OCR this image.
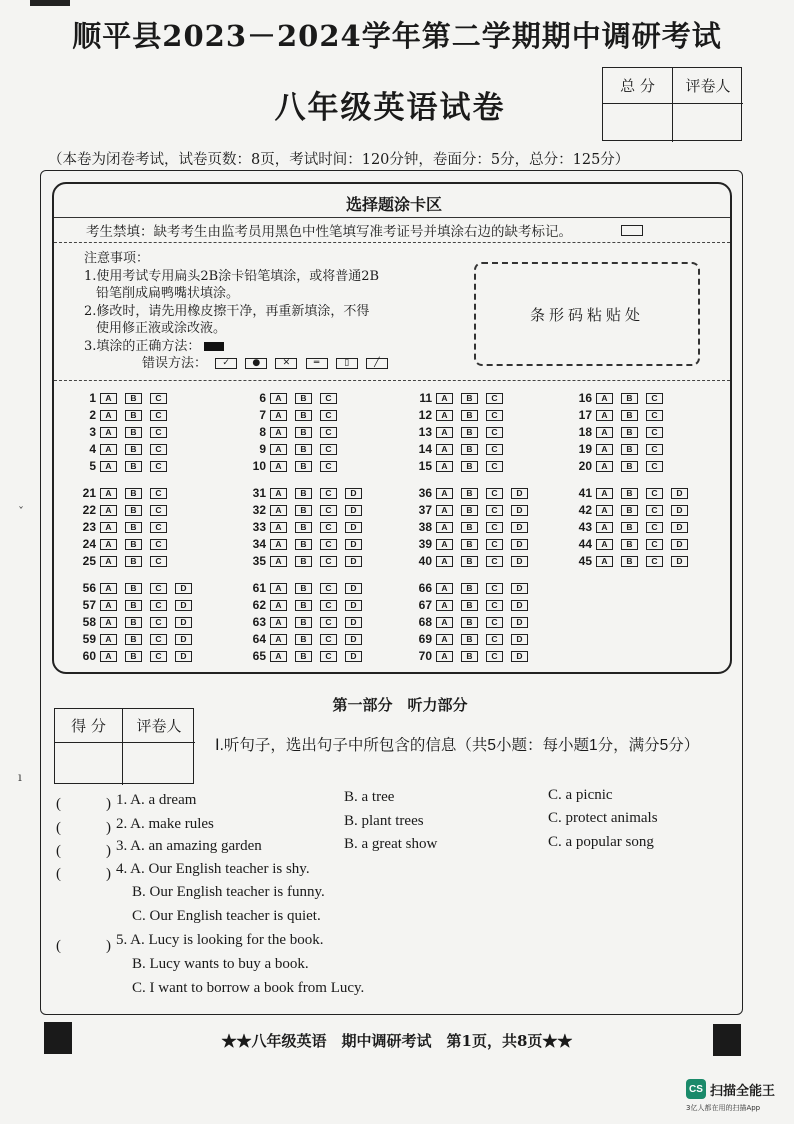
顺平县2023－2024学年第二学期期中调研考试
八年级英语试卷
总 分	评卷人
（本卷为闭卷考试，试卷页数：8页，考试时间：120分钟，卷面分：5分，总分：125分）
选择题涂卡区
考生禁填：缺考考生由监考员用黑色中性笔填写准考证号并填涂右边的缺考标记。
注意事项：
1.使用考试专用扁头2B涂卡铅笔填涂，或将普通2B
铅笔削成扁鸭嘴状填涂。
2.修改时，请先用橡皮擦干净，再重新填涂，不得
使用修正液或涂改液。
3.填涂的正确方法：
错误方法： ✓ ● ✕	═	▯	╱
条形码粘贴处
1	A	B	C
2	A	B	C
3	A	B	C
4	A	B	C
5	A	B	C
6	A	B	C
7	A	B	C
8	A	B	C
9	A	B	C
10	A	B	C
11	A	B	C
12	A	B	C
13	A	B	C
14	A	B	C
15	A	B	C
16	A	B	C
17	A	B	C
18	A	B	C
19	A	B	C
20	A	B	C
21	A	B	C
22	A	B	C
23	A	B	C
24	A	B	C
25	A	B	C
31	A	B	C	D
32	A	B	C	D
33	A	B	C	D
34	A	B	C	D
35	A	B	C	D
36	A	B	C	D
37	A	B	C	D
38	A	B	C	D
39	A	B	C	D
40	A	B	C	D
41	A	B	C	D
42	A	B	C	D
43	A	B	C	D
44	A	B	C	D
45	A	B	C	D
56	A	B	C	D
57	A	B	C	D
58	A	B	C	D
59	A	B	C	D
60	A	B	C	D
61	A	B	C	D
62	A	B	C	D
63	A	B	C	D
64	A	B	C	D
65	A	B	C	D
66	A	B	C	D
67	A	B	C	D
68	A	B	C	D
69	A	B	C	D
70	A	B	C	D
第一部分　听力部分
得 分	评卷人
Ⅰ.听句子，选出句子中所包含的信息（共5小题：每小题1分，满分5分）
(　　　) 1. A. a dream	B. a tree	C. a picnic
(　　　) 2. A. make rules	B. plant trees	C. protect animals
(　　　) 3. A. an amazing garden	B. a great show	C. a popular song
(　　　) 4. A. Our English teacher is shy.
B. Our English teacher is funny.
C. Our English teacher is quiet.
(　　　) 5. A. Lucy is looking for the book.
B. Lucy wants to buy a book.
C. I want to borrow a book from Lucy.
ˇ
ı
★★八年级英语　期中调研考试　第1页，共8页★★
CS 扫描全能王
3亿人都在用的扫描App
